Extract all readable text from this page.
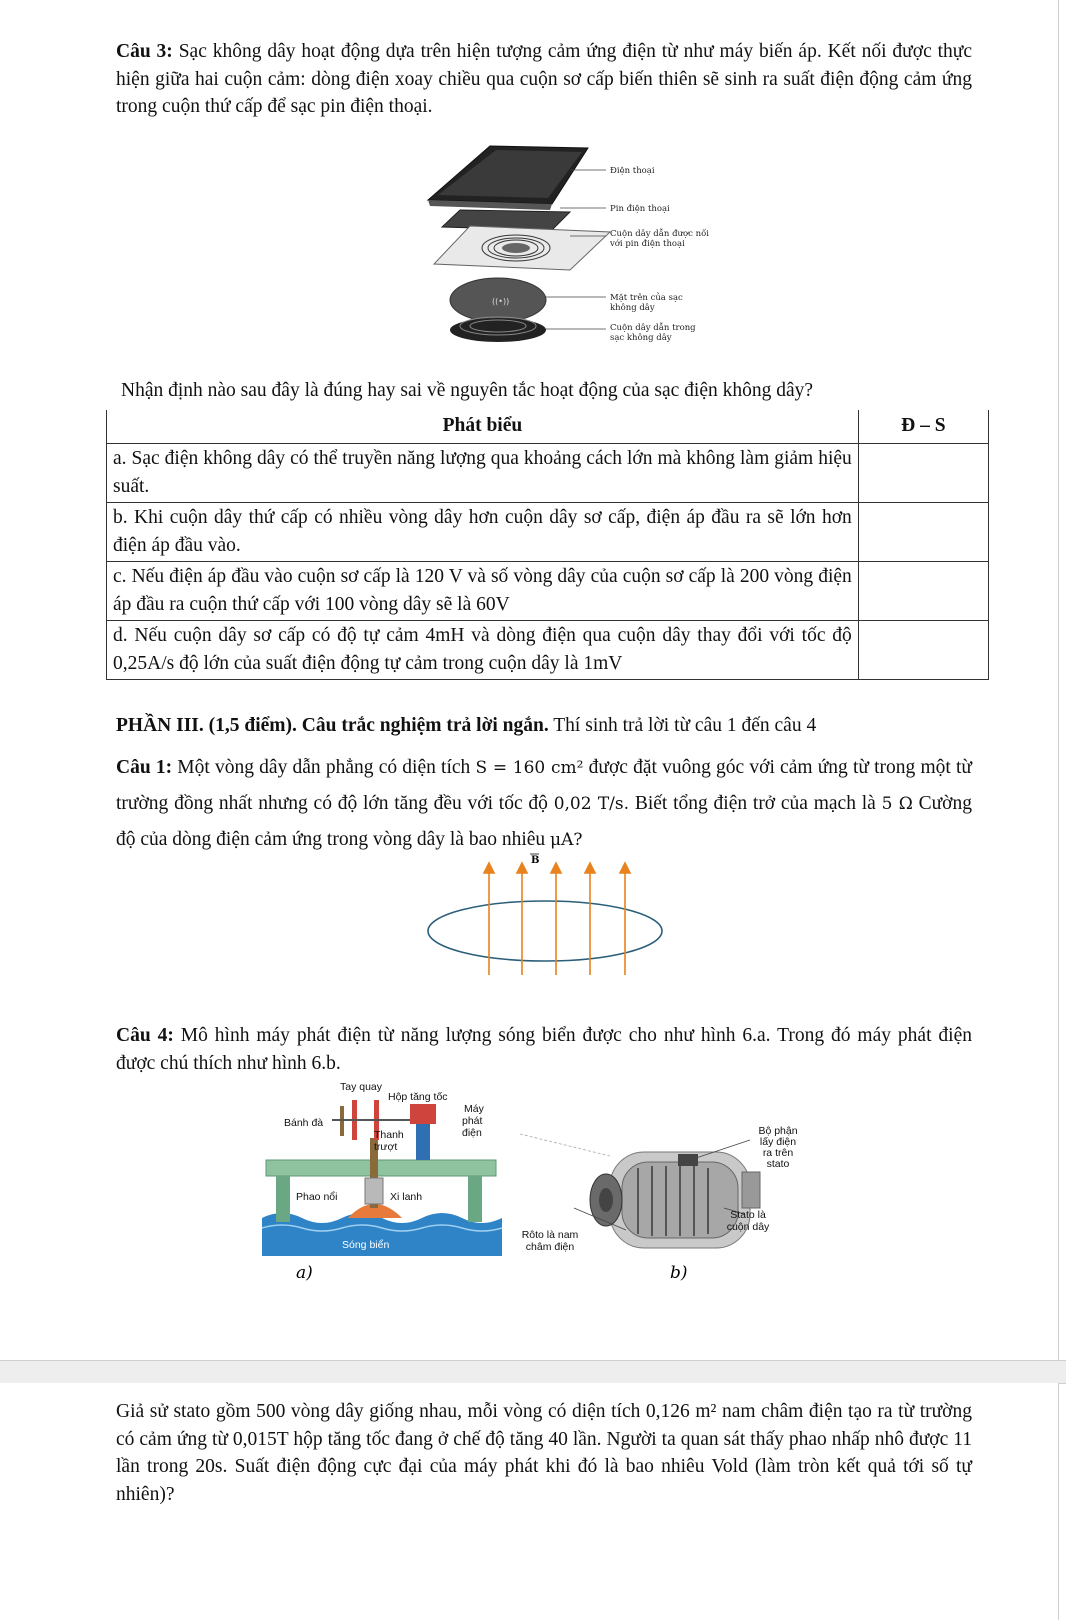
Câu 3: Sạc không dây hoạt động dựa trên hiện tượng cảm ứng điện từ như máy biến áp. Kết nối được thực hiện giữa hai cuộn cảm: dòng điện xoay chiều qua cuộn sơ cấp biến thiên sẽ sinh ra suất điện động cảm ứng trong cuộn thứ cấp để sạc pin điện thoại.

((•))
Điện thoại
Pin điện thoại
Cuộn dây dẫn được nối
với pin điện thoại
Mặt trên của sạc
không dây
Cuộn dây dẫn trong
sạc không dây

Nhận định nào sau đây là đúng hay sai về nguyên tắc hoạt động của sạc điện không dây?

Phát biểu	Đ – S
a. Sạc điện không dây có thể truyền năng lượng qua khoảng cách lớn mà không làm giảm hiệu suất.	
b. Khi cuộn dây thứ cấp có nhiều vòng dây hơn cuộn dây sơ cấp, điện áp đầu ra sẽ lớn hơn điện áp đầu vào.	
c. Nếu điện áp đầu vào cuộn sơ cấp là 120 V và số vòng dây của cuộn sơ cấp là 200 vòng điện áp đầu ra cuộn thứ cấp với 100 vòng dây sẽ là 60V	
d. Nếu cuộn dây sơ cấp có độ tự cảm 4mH và dòng điện qua cuộn dây thay đổi với tốc độ 0,25A/s độ lớn của suất điện động tự cảm trong cuộn dây là 1mV	

PHẦN III. (1,5 điểm). Câu trắc nghiệm trả lời ngắn. Thí sinh trả lời từ câu 1 đến câu 4

Câu 1: Một vòng dây dẫn phẳng có diện tích S = 160 cm² được đặt vuông góc với cảm ứng từ trong một từ trường đồng nhất nhưng có độ lớn tăng đều với tốc độ 0,02 T/s. Biết tổng điện trở của mạch là 5 Ω Cường độ của dòng điện cảm ứng trong vòng dây là bao nhiêu μA?

B

Câu 4: Mô hình máy phát điện từ năng lượng sóng biển được cho như hình 6.a. Trong đó máy phát điện được chú thích như hình 6.b.

Tay quay
Hộp tăng tốc
Bánh đà
Máy
phát
điện
Thanh
trượt
Phao nổi	Xi lanh
Sóng biển
a)
Bộ phận
lấy điện
ra trên
stato
Stato là
cuộn dây
Rôto là nam
châm điện
b)

Giả sử stato gồm 500 vòng dây giống nhau, mỗi vòng có diện tích 0,126 m² nam châm điện tạo ra từ trường có cảm ứng từ 0,015T hộp tăng tốc đang ở chế độ tăng 40 lần. Người ta quan sát thấy phao nhấp nhô được 11 lần trong 20s. Suất điện động cực đại của máy phát khi đó là bao nhiêu Vold (làm tròn kết quả tới số tự nhiên)?
